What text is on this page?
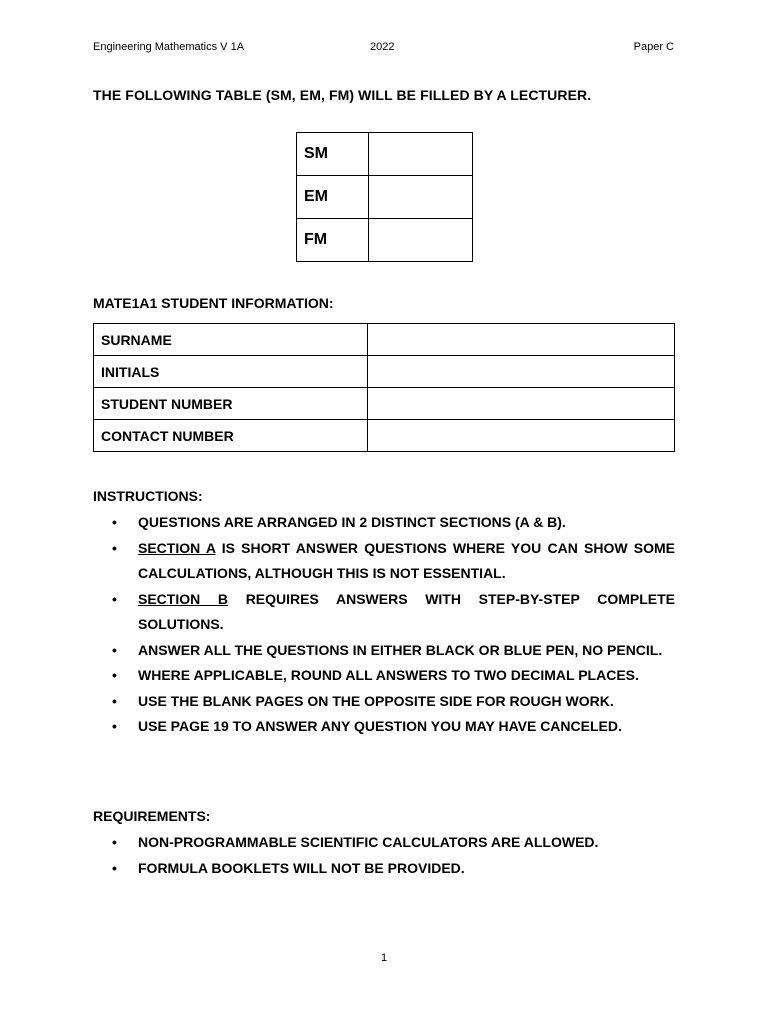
Engineering Mathematics V 1A	2022	Paper C
THE FOLLOWING TABLE (SM, EM, FM) WILL BE FILLED BY A LECTURER.
SM	
EM	
FM	
MATE1A1 STUDENT INFORMATION:
SURNAME	
INITIALS	
STUDENT NUMBER	
CONTACT NUMBER	
INSTRUCTIONS:
• QUESTIONS ARE ARRANGED IN 2 DISTINCT SECTIONS (A & B).
• SECTION A IS SHORT ANSWER QUESTIONS WHERE YOU CAN SHOW SOME CALCULATIONS, ALTHOUGH THIS IS NOT ESSENTIAL.
• SECTION B REQUIRES ANSWERS WITH STEP-BY-STEP COMPLETE SOLUTIONS.
• ANSWER ALL THE QUESTIONS IN EITHER BLACK OR BLUE PEN, NO PENCIL.
• WHERE APPLICABLE, ROUND ALL ANSWERS TO TWO DECIMAL PLACES.
• USE THE BLANK PAGES ON THE OPPOSITE SIDE FOR ROUGH WORK.
• USE PAGE 19 TO ANSWER ANY QUESTION YOU MAY HAVE CANCELED.
REQUIREMENTS:
• NON-PROGRAMMABLE SCIENTIFIC CALCULATORS ARE ALLOWED.
• FORMULA BOOKLETS WILL NOT BE PROVIDED.
1
